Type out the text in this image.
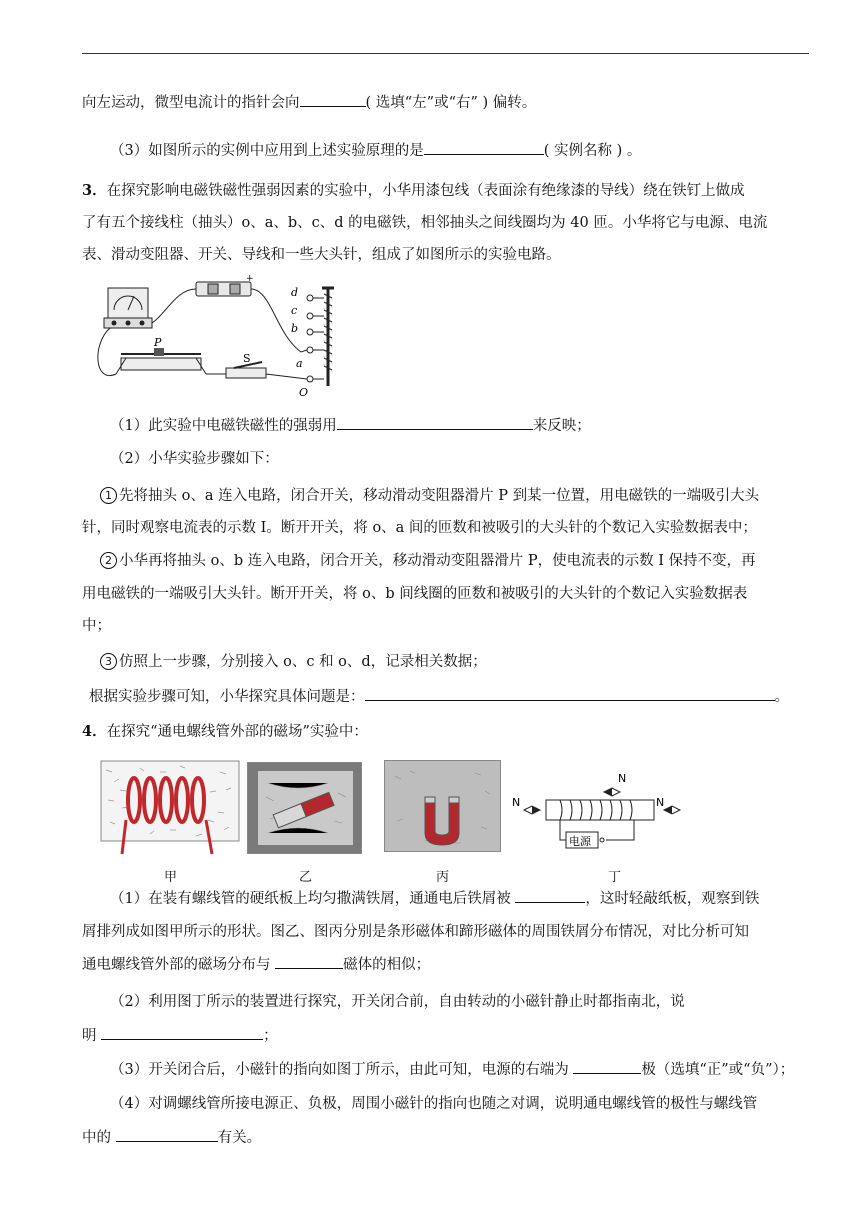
向左运动，微型电流计的指针会向	( 选填“左”或“右” ) 偏转。
（3）如图所示的实例中应用到上述实验原理的是	( 实例名称 ) 。
3．在探究影响电磁铁磁性强弱因素的实验中，小华用漆包线（表面涂有绝缘漆的导线）绕在铁钉上做成
了有五个接线柱（抽头）o、a、b、c、d 的电磁铁，相邻抽头之间线圈均为 40 匝。小华将它与电源、电流
表、滑动变阻器、开关、导线和一些大头针，组成了如图所示的实验电路。
+
P
S
d
c
b
a
O
（1）此实验中电磁铁磁性的强弱用	来反映；
（2）小华实验步骤如下：
1 先将抽头 o、a 连入电路，闭合开关，移动滑动变阻器滑片 P 到某一位置，用电磁铁的一端吸引大头
针，同时观察电流表的示数 I。断开开关，将 o、a 间的匝数和被吸引的大头针的个数记入实验数据表中；
2 小华再将抽头 o、b 连入电路，闭合开关，移动滑动变阻器滑片 P，使电流表的示数 I 保持不变，再
用电磁铁的一端吸引大头针。断开开关，将 o、b 间线圈的匝数和被吸引的大头针的个数记入实验数据表
中；
3 仿照上一步骤，分别接入 o、c 和 o、d，记录相关数据；
根据实验步骤可知，小华探究具体问题是：	。
4．在探究“通电螺线管外部的磁场”实验中：
甲	乙	丙
N
N	N
电源
丁
（1）在装有螺线管的硬纸板上均匀撒满铁屑，通通电后铁屑被	，这时轻敲纸板，观察到铁
屑排列成如图甲所示的形状。图乙、图丙分别是条形磁体和蹄形磁体的周围铁屑分布情况，对比分析可知
通电螺线管外部的磁场分布与	磁体的相似；
（2）利用图丁所示的装置进行探究，开关闭合前，自由转动的小磁针静止时都指南北，说
明	；
（3）开关闭合后，小磁针的指向如图丁所示，由此可知，电源的右端为	极（选填“正”或“负”）；
（4）对调螺线管所接电源正、负极，周围小磁针的指向也随之对调，说明通电螺线管的极性与螺线管
中的	有关。
